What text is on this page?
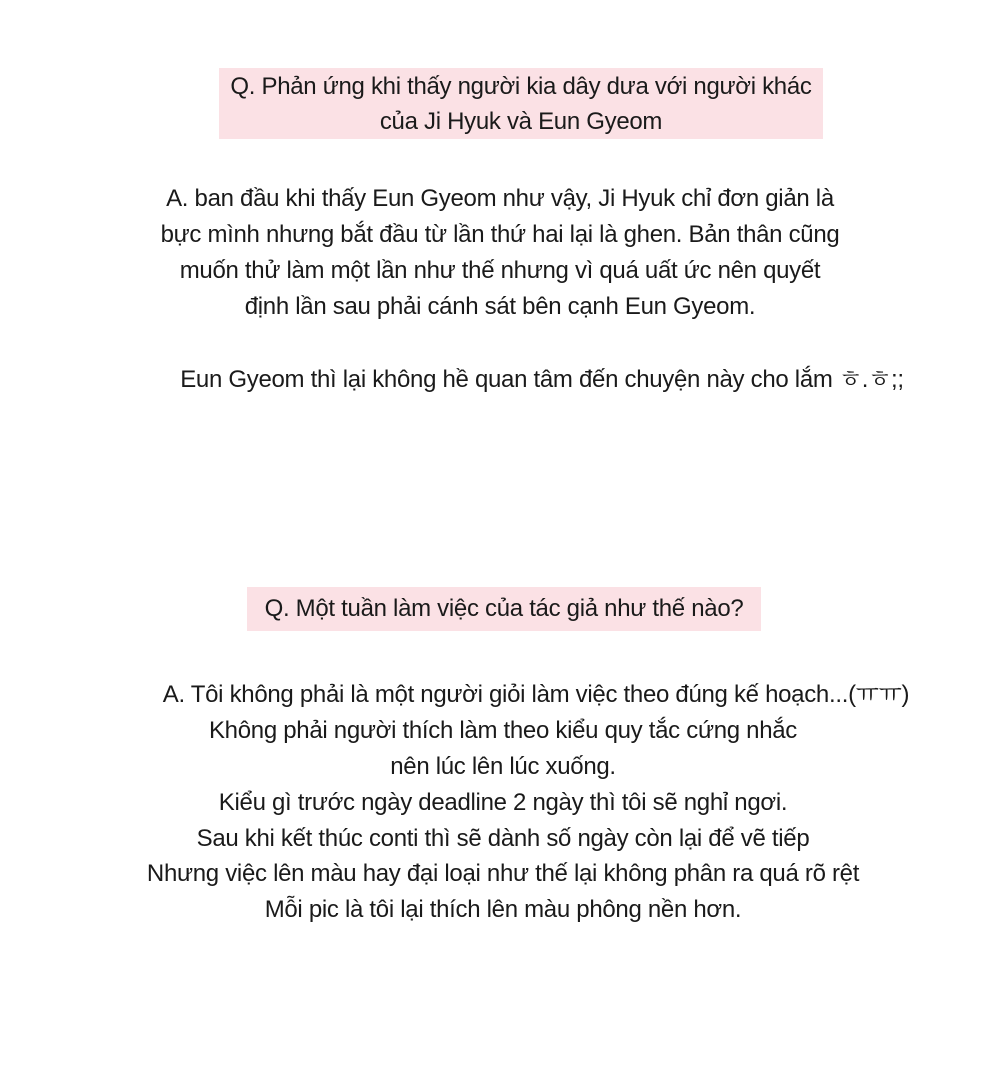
Q. Phản ứng khi thấy người kia dây dưa với người khác
của Ji Hyuk và Eun Gyeom
A. ban đầu khi thấy Eun Gyeom như vậy, Ji Hyuk chỉ đơn giản là
bực mình nhưng bắt đầu từ lần thứ hai lại là ghen. Bản thân cũng
muốn thử làm một lần như thế nhưng vì quá uất ức nên quyết
định lần sau phải cánh sát bên cạnh Eun Gyeom.
Eun Gyeom thì lại không hề quan tâm đến chuyện này cho lắm ㅎ.ㅎ;;
Q. Một tuần làm việc của tác giả như thế nào?
A. Tôi không phải là một người giỏi làm việc theo đúng kế hoạch...(ㅠㅠ)
Không phải người thích làm theo kiểu quy tắc cứng nhắc
nên lúc lên lúc xuống.
Kiểu gì trước ngày deadline 2 ngày thì tôi sẽ nghỉ ngơi.
Sau khi kết thúc conti thì sẽ dành số ngày còn lại để vẽ tiếp
Nhưng việc lên màu hay đại loại như thế lại không phân ra quá rõ rệt
Mỗi pic là tôi lại thích lên màu phông nền hơn.
